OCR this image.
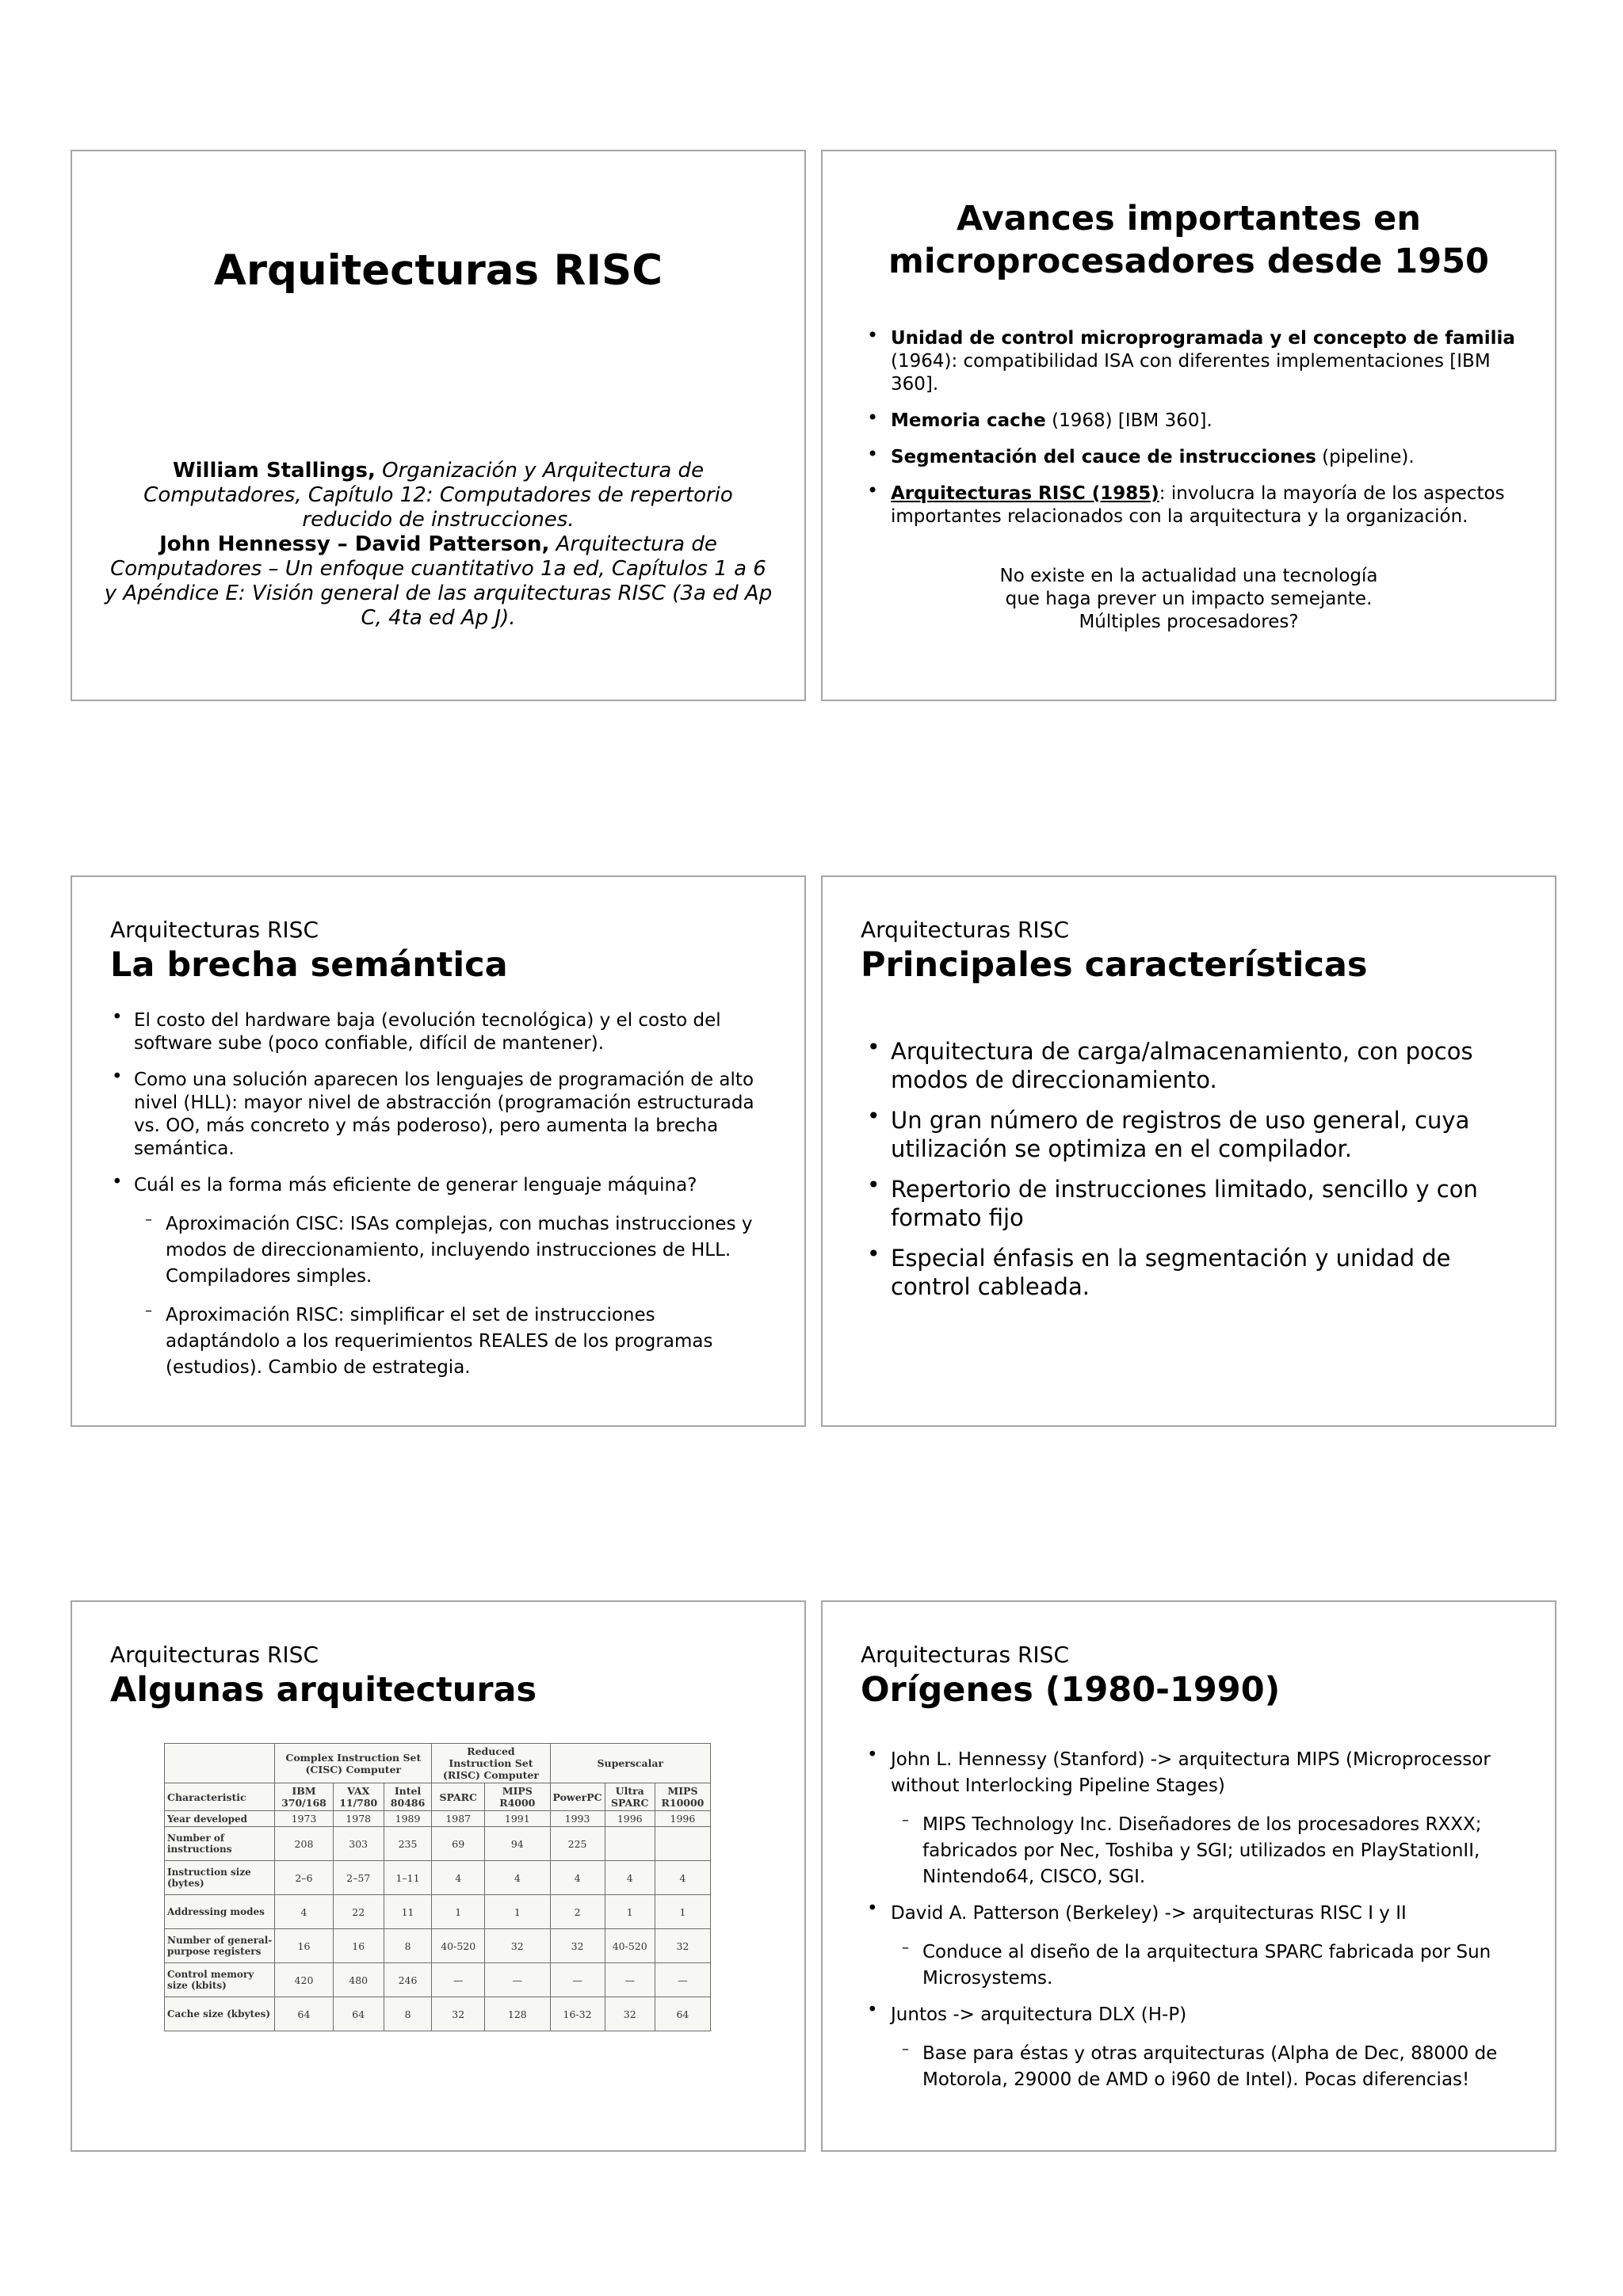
Arquitecturas RISC
William Stallings, Organización y Arquitectura de Computadores, Capítulo 12: Computadores de repertorio reducido de instrucciones.
John Hennessy – David Patterson, Arquitectura de Computadores – Un enfoque cuantitativo 1a ed, Capítulos 1 a 6 y Apéndice E: Visión general de las arquitecturas RISC (3a ed Ap C, 4ta ed Ap J).
Avances importantes en
microprocesadores desde 1950
• Unidad de control microprogramada y el concepto de familia (1964): compatibilidad ISA con diferentes implementaciones [IBM 360].
• Memoria cache (1968) [IBM 360].
• Segmentación del cauce de instrucciones (pipeline).
• Arquitecturas RISC (1985): involucra la mayoría de los aspectos importantes relacionados con la arquitectura y la organización.
No existe en la actualidad una tecnología
que haga prever un impacto semejante.
Múltiples procesadores?
Arquitecturas RISC
La brecha semántica
• El costo del hardware baja (evolución tecnológica) y el costo del software sube (poco confiable, difícil de mantener).
• Como una solución aparecen los lenguajes de programación de alto nivel (HLL): mayor nivel de abstracción (programación estructurada vs. OO, más concreto y más poderoso), pero aumenta la brecha semántica.
• Cuál es la forma más eficiente de generar lenguaje máquina?
– Aproximación CISC: ISAs complejas, con muchas instrucciones y modos de direccionamiento, incluyendo instrucciones de HLL. Compiladores simples.
– Aproximación RISC: simplificar el set de instrucciones adaptándolo a los requerimientos REALES de los programas (estudios). Cambio de estrategia.
Arquitecturas RISC
Principales características
• Arquitectura de carga/almacenamiento, con pocos modos de direccionamiento.
• Un gran número de registros de uso general, cuya utilización se optimiza en el compilador.
• Repertorio de instrucciones limitado, sencillo y con formato fijo
• Especial énfasis en la segmentación y unidad de control cableada.
Arquitecturas RISC
Algunas arquitecturas
	Complex Instruction Set (CISC) Computer			Reduced Instruction Set (RISC) Computer		Superscalar		
Characteristic	IBM 370/168	VAX 11/780	Intel 80486	SPARC	MIPS R4000	PowerPC	Ultra SPARC	MIPS R10000
Year developed	1973	1978	1989	1987	1991	1993	1996	1996
Number of instructions	208	303	235	69	94	225		
Instruction size (bytes)	2–6	2–57	1–11	4	4	4	4	4
Addressing modes	4	22	11	1	1	2	1	1
Number of general-purpose registers	16	16	8	40-520	32	32	40-520	32
Control memory size (kbits)	420	480	246	—	—	—	—	—
Cache size (kbytes)	64	64	8	32	128	16-32	32	64
Arquitecturas RISC
Orígenes (1980-1990)
• John L. Hennessy (Stanford) -> arquitectura MIPS (Microprocessor without Interlocking Pipeline Stages)
– MIPS Technology Inc. Diseñadores de los procesadores RXXX; fabricados por Nec, Toshiba y SGI; utilizados en PlayStationII, Nintendo64, CISCO, SGI.
• David A. Patterson (Berkeley) -> arquitecturas RISC I y II
– Conduce al diseño de la arquitectura SPARC fabricada por Sun Microsystems.
• Juntos -> arquitectura DLX (H-P)
– Base para éstas y otras arquitecturas (Alpha de Dec, 88000 de Motorola, 29000 de AMD o i960 de Intel). Pocas diferencias!
